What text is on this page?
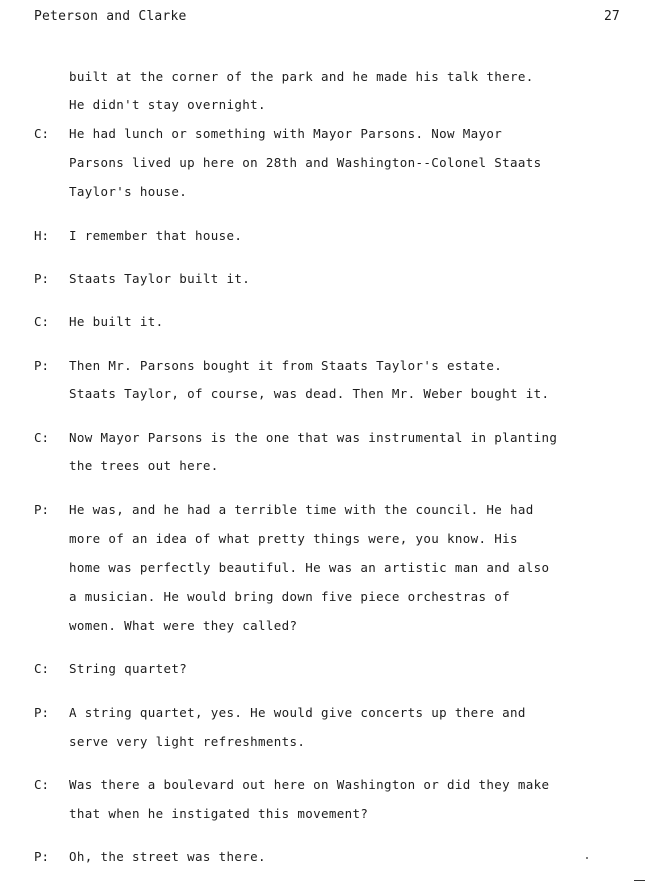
Peterson and Clarke	27
built at the corner of the park and he made his talk there.
He didn't stay overnight.
C: He had lunch or something with Mayor Parsons. Now Mayor
Parsons lived up here on 28th and Washington--Colonel Staats
Taylor's house.
H: I remember that house.
P: Staats Taylor built it.
C: He built it.
P: Then Mr. Parsons bought it from Staats Taylor's estate.
Staats Taylor, of course, was dead. Then Mr. Weber bought it.
C: Now Mayor Parsons is the one that was instrumental in planting
the trees out here.
P: He was, and he had a terrible time with the council. He had
more of an idea of what pretty things were, you know. His
home was perfectly beautiful. He was an artistic man and also
a musician. He would bring down five piece orchestras of
women. What were they called?
C: String quartet?
P: A string quartet, yes. He would give concerts up there and
serve very light refreshments.
C: Was there a boulevard out here on Washington or did they make
that when he instigated this movement?
P: Oh, the street was there.
